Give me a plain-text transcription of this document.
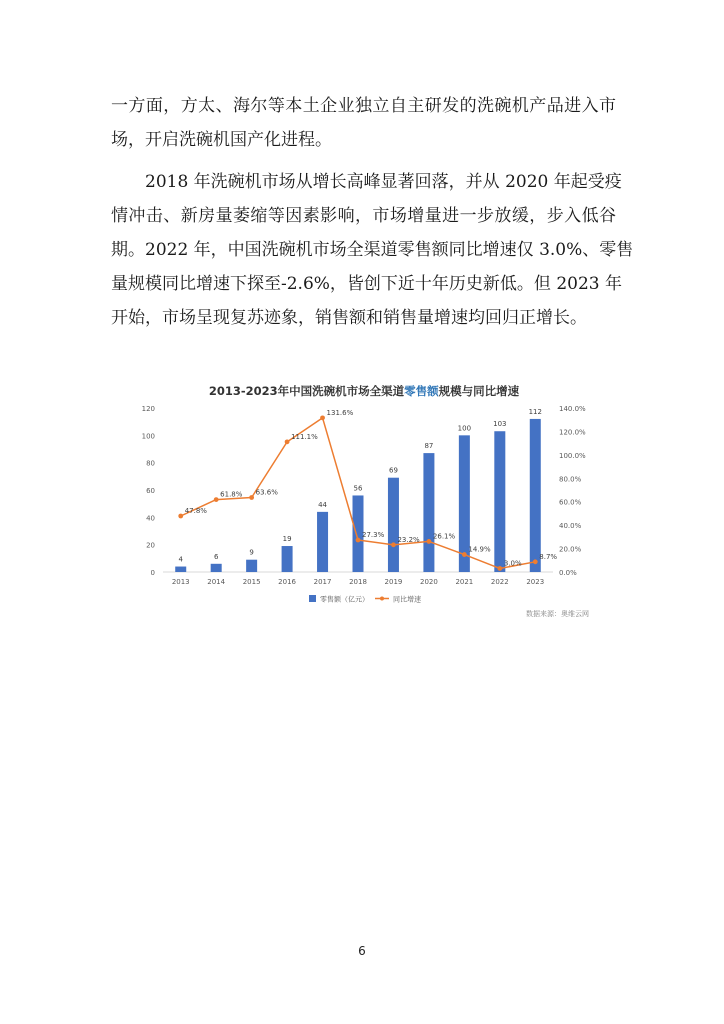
一方面，方太、海尔等本土企业独立自主研发的洗碗机产品进入市
场，开启洗碗机国产化进程。

2018 年洗碗机市场从增长高峰显著回落，并从 2020 年起受疫
情冲击、新房量萎缩等因素影响，市场增量进一步放缓，步入低谷
期。2022 年，中国洗碗机市场全渠道零售额同比增速仅 3.0%、零售
量规模同比增速下探至-2.6%，皆创下近十年历史新低。但 2023 年
开始，市场呈现复苏迹象，销售额和销售量增速均回归正增长。

2013-2023年中国洗碗机市场全渠道零售额规模与同比增速
0
20
40
60
80
100
120
0.0%
20.0%
40.0%
60.0%
80.0%
100.0%
120.0%
140.0%
2013	2014	2015	2016	2017	2018	2019	2020	2021	2022	2023
4	6
9
19
44
56
69
87
100
103
112
47.8%
61.8% 63.6%
111.1%
131.6%
27.3%
23.2% 26.1%
14.9%
3.0%
8.7%
零售额（亿元）	同比增速
数据来源：奥维云网
6
